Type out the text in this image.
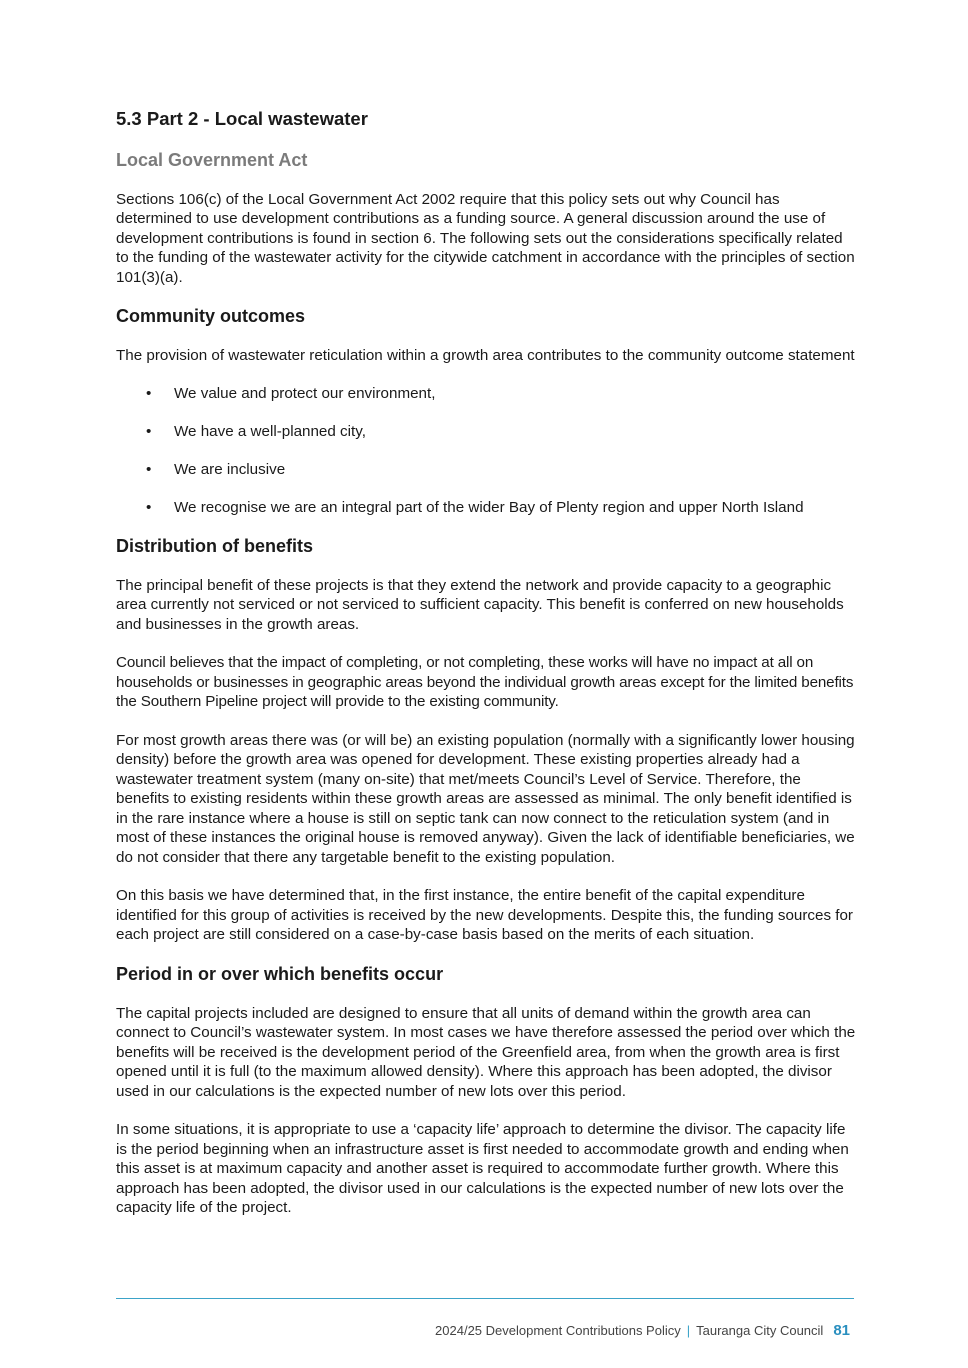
5.3 Part 2 - Local wastewater
Local Government Act

Sections 106(c) of the Local Government Act 2002 require that this policy sets out why Council has determined to use development contributions as a funding source. A general discussion around the use of development contributions is found in section 6. The following sets out the considerations specifically related to the funding of the wastewater activity for the citywide catchment in accordance with the principles of section 101(3)(a).

Community outcomes

The provision of wastewater reticulation within a growth area contributes to the community outcome statement

• We value and protect our environment,
• We have a well-planned city,
• We are inclusive
• We recognise we are an integral part of the wider Bay of Plenty region and upper North Island
Distribution of benefits

The principal benefit of these projects is that they extend the network and provide capacity to a geographic area currently not serviced or not serviced to sufficient capacity. This benefit is conferred on new households and businesses in the growth areas.

Council believes that the impact of completing, or not completing, these works will have no impact at all on households or businesses in geographic areas beyond the individual growth areas except for the limited benefits the Southern Pipeline project will provide to the existing community.

For most growth areas there was (or will be) an existing population (normally with a significantly lower housing density) before the growth area was opened for development. These existing properties already had a wastewater treatment system (many on-site) that met/meets Council’s Level of Service. Therefore, the benefits to existing residents within these growth areas are assessed as minimal. The only benefit identified is in the rare instance where a house is still on septic tank can now connect to the reticulation system (and in most of these instances the original house is removed anyway). Given the lack of identifiable beneficiaries, we do not consider that there any targetable benefit to the existing population.

On this basis we have determined that, in the first instance, the entire benefit of the capital expenditure identified for this group of activities is received by the new developments. Despite this, the funding sources for each project are still considered on a case-by-case basis based on the merits of each situation.

Period in or over which benefits occur

The capital projects included are designed to ensure that all units of demand within the growth area can connect to Council’s wastewater system. In most cases we have therefore assessed the period over which the benefits will be received is the development period of the Greenfield area, from when the growth area is first opened until it is full (to the maximum allowed density). Where this approach has been adopted, the divisor used in our calculations is the expected number of new lots over this period.

In some situations, it is appropriate to use a ‘capacity life’ approach to determine the divisor. The capacity life is the period beginning when an infrastructure asset is first needed to accommodate growth and ending when this asset is at maximum capacity and another asset is required to accommodate further growth. Where this approach has been adopted, the divisor used in our calculations is the expected number of new lots over the capacity life of the project.

2024/25 Development Contributions Policy | Tauranga City Council 81
